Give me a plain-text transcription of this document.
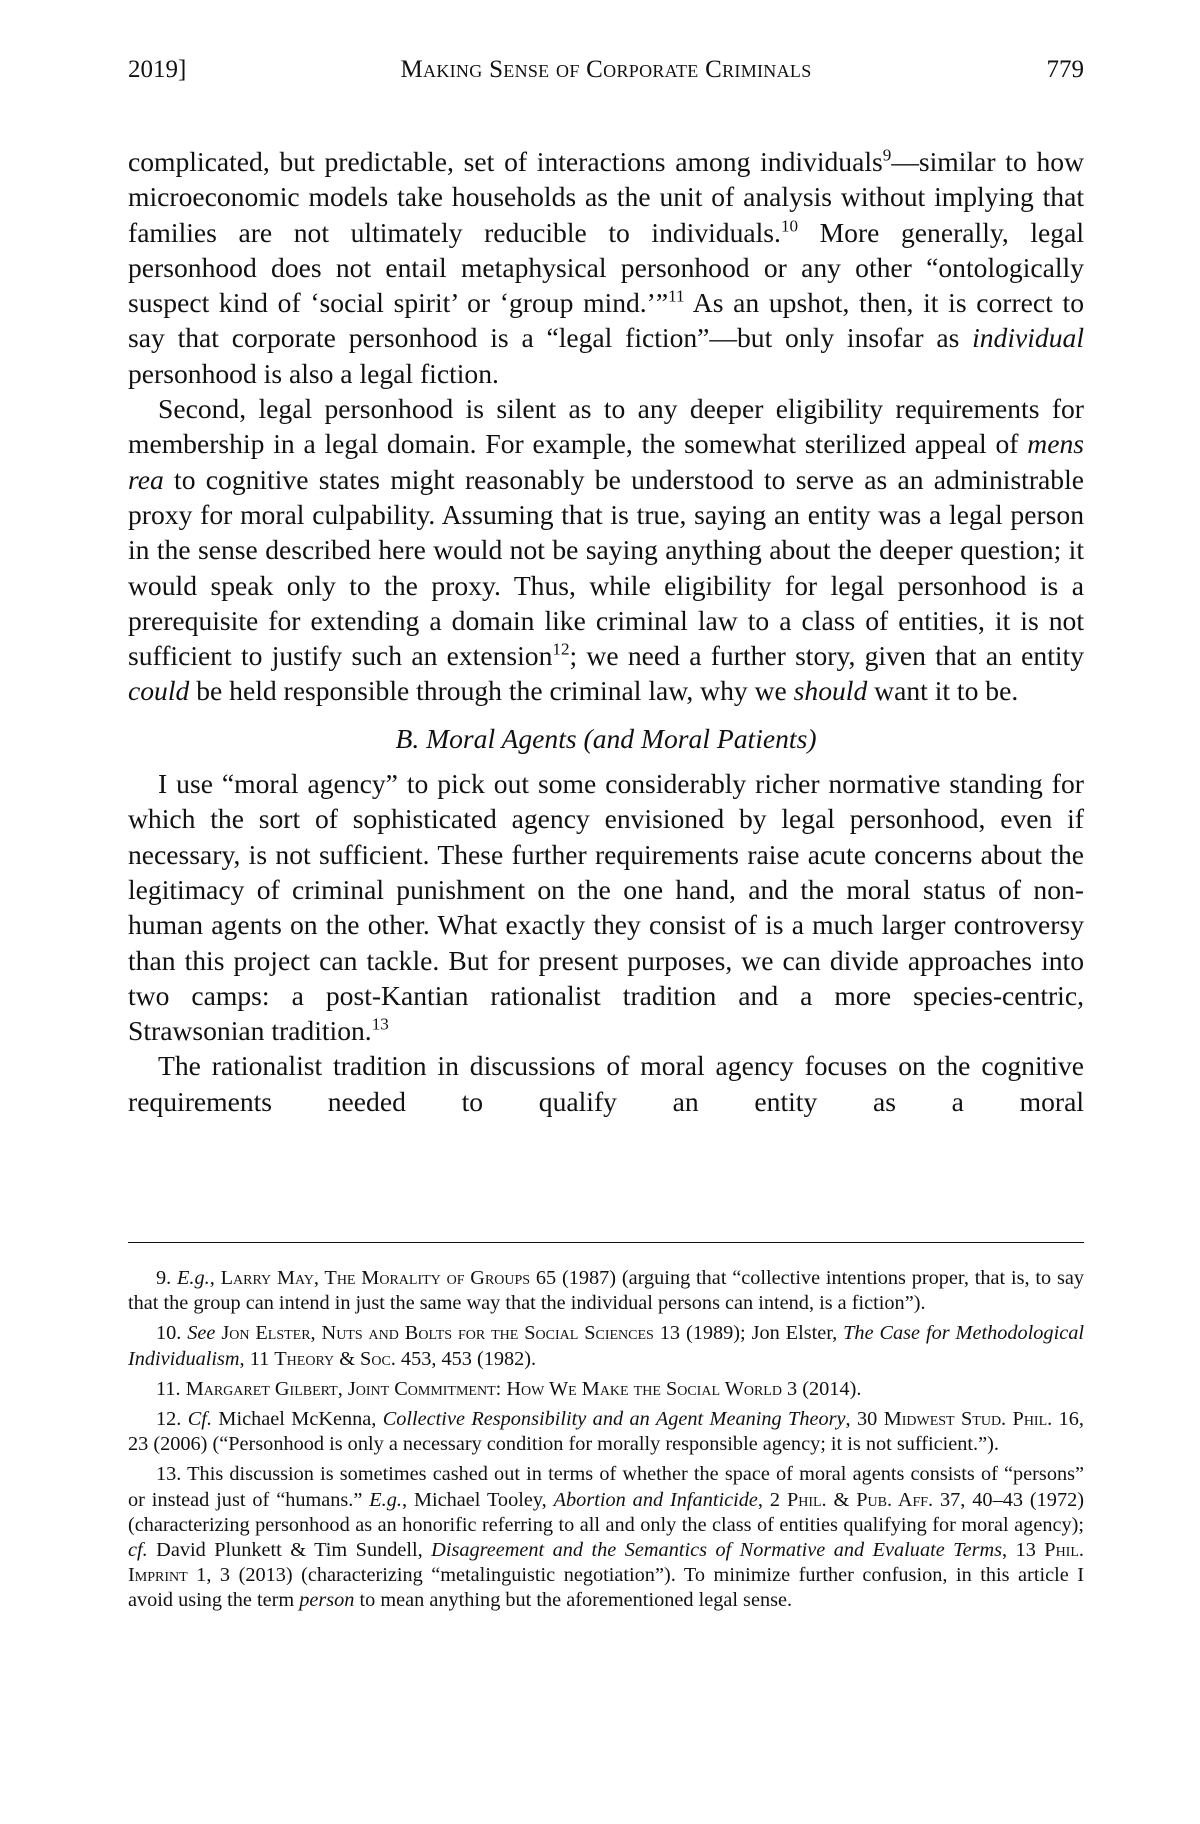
2019]	Making Sense of Corporate Criminals	779

complicated, but predictable, set of interactions among individuals$^9$—similar to how microeconomic models take households as the unit of analysis without implying that families are not ultimately reducible to individuals.$^{10}$ More generally, legal personhood does not entail metaphysical personhood or any other “ontologically suspect kind of ‘social spirit’ or ‘group mind.’”$^{11}$ As an upshot, then, it is correct to say that corporate personhood is a “legal fiction”—but only insofar as individual personhood is also a legal fiction.

Second, legal personhood is silent as to any deeper eligibility requirements for membership in a legal domain. For example, the somewhat sterilized appeal of mens rea to cognitive states might reasonably be understood to serve as an administrable proxy for moral culpability. Assuming that is true, saying an entity was a legal person in the sense described here would not be saying anything about the deeper question; it would speak only to the proxy. Thus, while eligibility for legal personhood is a prerequisite for extending a domain like criminal law to a class of entities, it is not sufficient to justify such an extension$^{12}$; we need a further story, given that an entity could be held responsible through the criminal law, why we should want it to be.

B. Moral Agents (and Moral Patients)

I use “moral agency” to pick out some considerably richer normative standing for which the sort of sophisticated agency envisioned by legal personhood, even if necessary, is not sufficient. These further requirements raise acute concerns about the legitimacy of criminal punishment on the one hand, and the moral status of non-human agents on the other. What exactly they consist of is a much larger controversy than this project can tackle. But for present purposes, we can divide approaches into two camps: a post-Kantian rationalist tradition and a more species-centric, Strawsonian tradition.$^{13}$

The rationalist tradition in discussions of moral agency focuses on the cognitive requirements needed to qualify an entity as a moral

9. E.g., Larry May, The Morality of Groups 65 (1987) (arguing that “collective intentions proper, that is, to say that the group can intend in just the same way that the individual persons can intend, is a fiction”).

10. See Jon Elster, Nuts and Bolts for the Social Sciences 13 (1989); Jon Elster, The Case for Methodological Individualism, 11 Theory & Soc. 453, 453 (1982).

11. Margaret Gilbert, Joint Commitment: How We Make the Social World 3 (2014).

12. Cf. Michael McKenna, Collective Responsibility and an Agent Meaning Theory, 30 Midwest Stud. Phil. 16, 23 (2006) (“Personhood is only a necessary condition for morally responsible agency; it is not sufficient.”).

13. This discussion is sometimes cashed out in terms of whether the space of moral agents consists of “persons” or instead just of “humans.” E.g., Michael Tooley, Abortion and Infanticide, 2 Phil. & Pub. Aff. 37, 40–43 (1972) (characterizing personhood as an honorific referring to all and only the class of entities qualifying for moral agency); cf. David Plunkett & Tim Sundell, Disagreement and the Semantics of Normative and Evaluate Terms, 13 Phil. Imprint 1, 3 (2013) (characterizing “metalinguistic negotiation”). To minimize further confusion, in this article I avoid using the term person to mean anything but the aforementioned legal sense.
